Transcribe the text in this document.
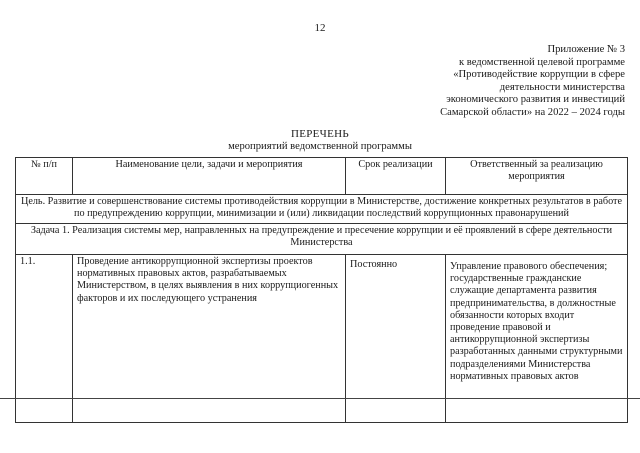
12
Приложение № 3
к ведомственной целевой программе
«Противодействие коррупции в сфере
деятельности министерства
экономического развития и инвестиций
Самарской области» на 2022 – 2024 годы
ПЕРЕЧЕНЬ
мероприятий ведомственной программы
№ п/п	Наименование цели, задачи и мероприятия	Срок реализации	Ответственный за реализацию мероприятия
Цель. Развитие и совершенствование системы противодействия коррупции в Министерстве, достижение конкретных результатов в работе по предупреждению коррупции, минимизации и (или) ликвидации последствий коррупционных правонарушений			
Задача 1. Реализация системы мер, направленных на предупреждение и пресечение коррупции и её проявлений в сфере деятельности Министерства			
1.1.	Проведение антикоррупционной экспертизы проектов нормативных правовых актов, разрабатываемых Министерством, в целях выявления в них коррупциогенных факторов и их последующего устранения	Постоянно	Управление правового обеспечения; государственные гражданские служащие департамента развития предпринимательства, в должностные обязанности которых входит проведение правовой и антикоррупционной экспертизы разработанных данными структурными подразделениями Министерства нормативных правовых актов
